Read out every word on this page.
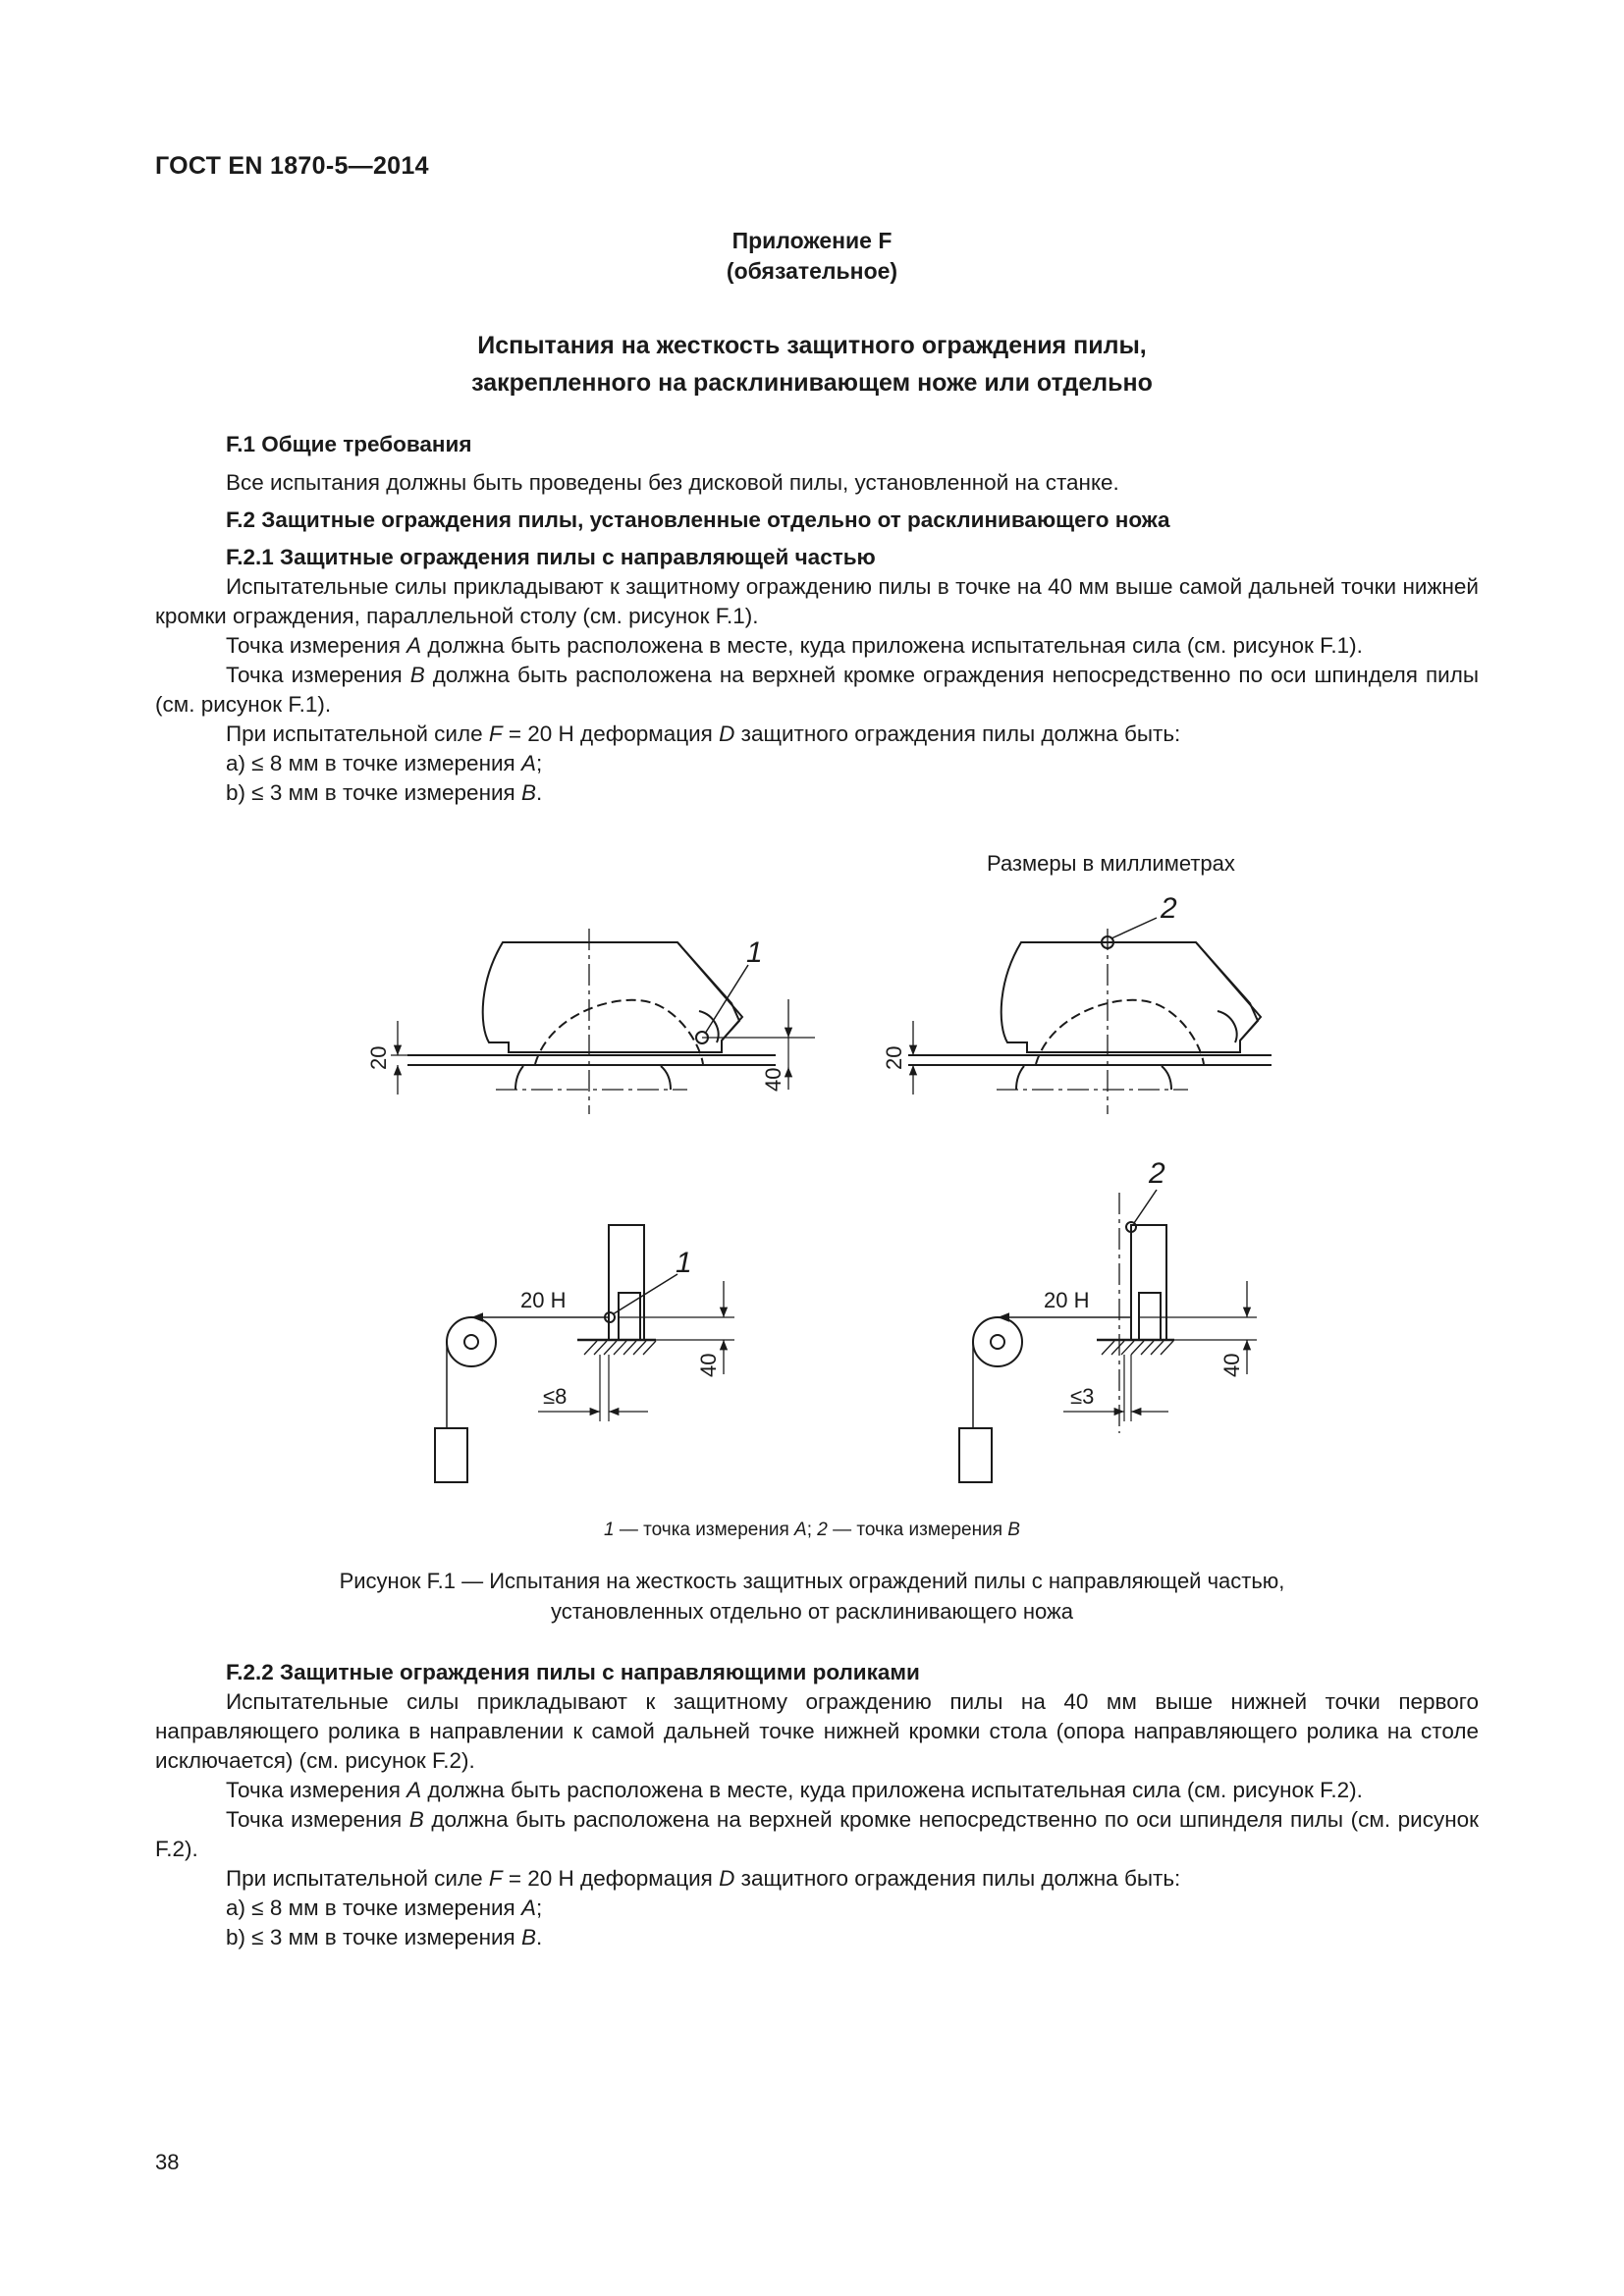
ГОСТ EN 1870-5—2014
Приложение F
(обязательное)
Испытания на жесткость защитного ограждения пилы,
закрепленного на расклинивающем ноже или отдельно

F.1 Общие требования

Все испытания должны быть проведены без дисковой пилы, установленной на станке.

F.2 Защитные ограждения пилы, установленные отдельно от расклинивающего ножа

F.2.1 Защитные ограждения пилы с направляющей частью

Испытательные силы прикладывают к защитному ограждению пилы в точке на 40 мм выше самой дальней точки нижней кромки ограждения, параллельной столу (см. рисунок F.1).

Точка измерения A должна быть расположена в месте, куда приложена испытательная сила (см. рисунок F.1).

Точка измерения B должна быть расположена на верхней кромке ограждения непосредственно по оси шпинделя пилы (см. рисунок F.1).

При испытательной силе F = 20 Н деформация D защитного ограждения пилы должна быть:

a) ≤ 8 мм в точке измерения A;

b) ≤ 3 мм в точке измерения B.

Размеры в миллиметрах
1
40
20
2
20
20 Н
1
40
≤8
20 Н
2
40
≤3
1 — точка измерения A; 2 — точка измерения B
Рисунок F.1 — Испытания на жесткость защитных ограждений пилы с направляющей частью,
установленных отдельно от расклинивающего ножа

F.2.2 Защитные ограждения пилы с направляющими роликами

Испытательные силы прикладывают к защитному ограждению пилы на 40 мм выше нижней точки первого направляющего ролика в направлении к самой дальней точке нижней кромки стола (опора направляющего ролика на столе исключается) (см. рисунок F.2).

Точка измерения A должна быть расположена в месте, куда приложена испытательная сила (см. рисунок F.2).

Точка измерения B должна быть расположена на верхней кромке непосредственно по оси шпинделя пилы (см. рисунок F.2).

При испытательной силе F = 20 Н деформация D защитного ограждения пилы должна быть:

a) ≤ 8 мм в точке измерения A;

b) ≤ 3 мм в точке измерения B.

38
